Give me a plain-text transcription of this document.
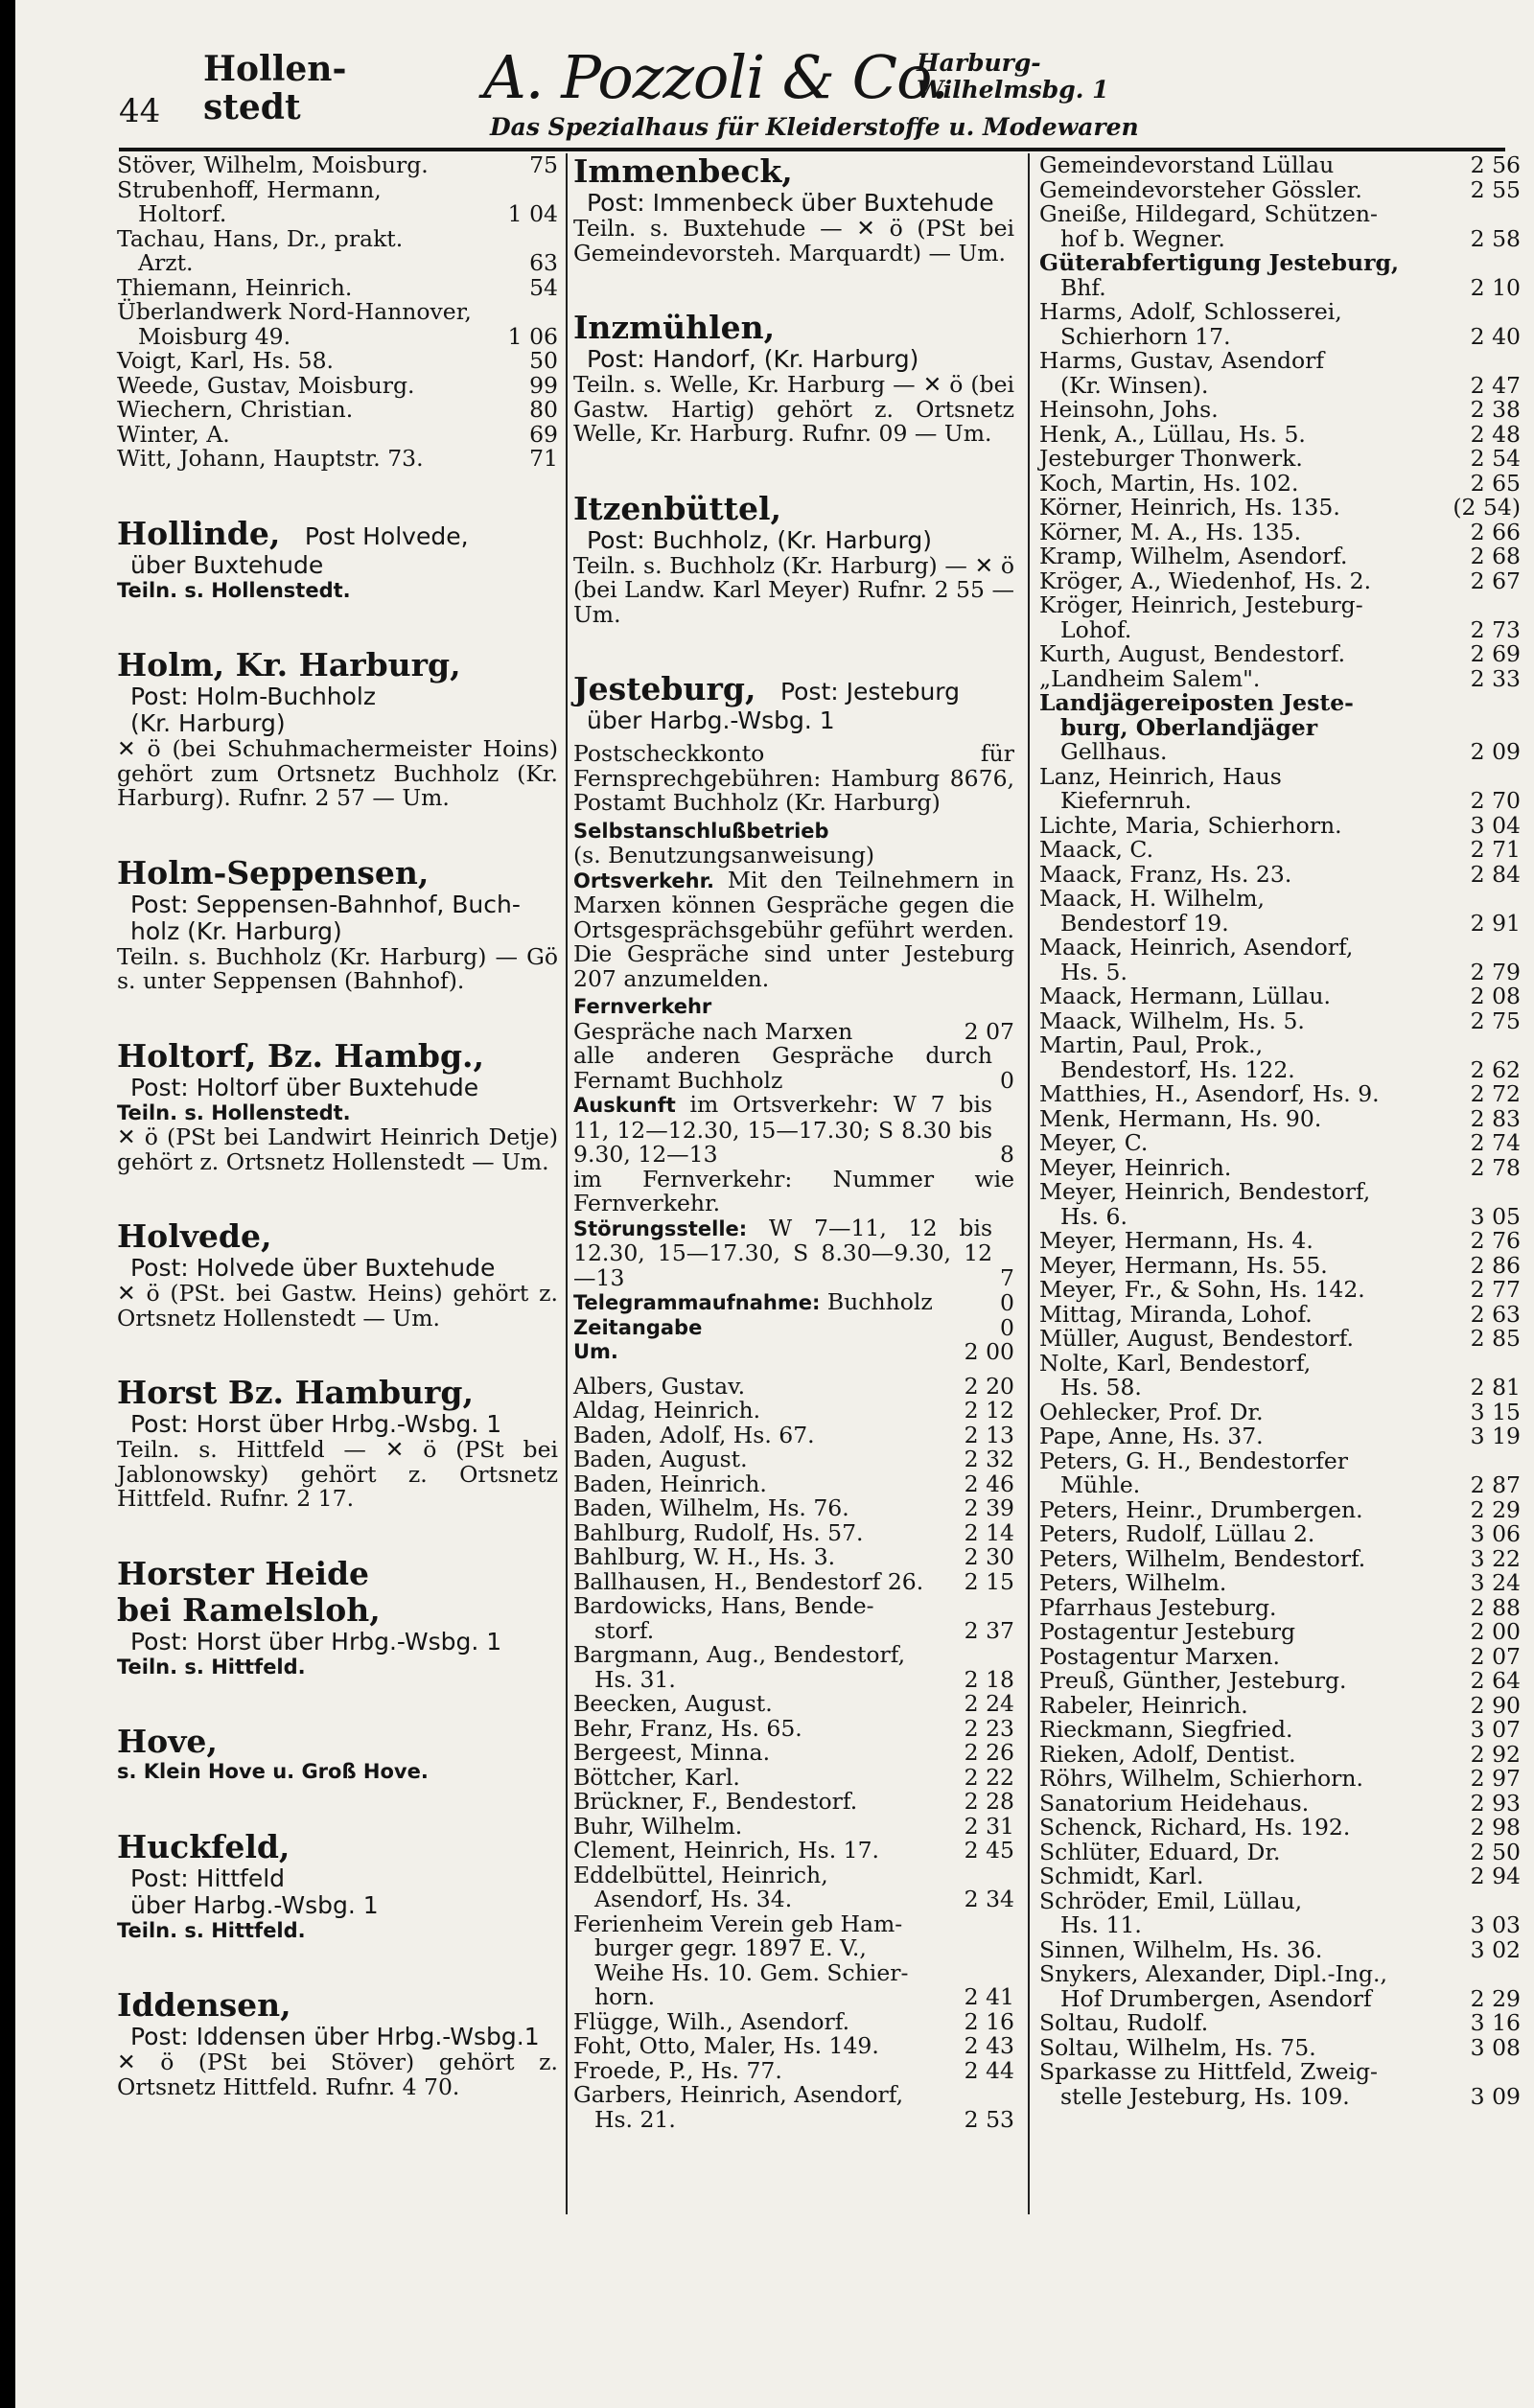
44
Hollen-
stedt	A. Pozzoli & Co.
Harburg-
Wilhelmsbg. 1
Das Spezialhaus für Kleiderstoffe u. Modewaren
Stöver, Wilhelm, Moisburg.	75
Strubenhoff, Hermann,
Holtorf.	1 04
Tachau, Hans, Dr., prakt.
Arzt.	63
Thiemann, Heinrich.	54
Überlandwerk Nord-Hannover,
Moisburg 49.	1 06
Voigt, Karl, Hs. 58.	50
Weede, Gustav, Moisburg.	99
Wiechern, Christian.	80
Winter, A.	69
Witt, Johann, Hauptstr. 73.	71
Hollinde, Post Holvede,
über Buxtehude
Teiln. s. Hollenstedt.
Holm, Kr. Harburg,
Post: Holm-Buchholz
(Kr. Harburg)
✕ ö (bei Schuhmachermeister Hoins) gehört zum Ortsnetz Buchholz (Kr. Harburg). Rufnr. 2 57 — Um.
Holm-Seppensen,
Post: Seppensen-Bahnhof, Buch-
holz (Kr. Harburg)
Teiln. s. Buchholz (Kr. Harburg) — Gö s. unter Seppensen (Bahnhof).
Holtorf, Bz. Hambg.,
Post: Holtorf über Buxtehude
Teiln. s. Hollenstedt.
✕ ö (PSt bei Landwirt Heinrich Detje) gehört z. Ortsnetz Hollenstedt — Um.
Holvede,
Post: Holvede über Buxtehude
✕ ö (PSt. bei Gastw. Heins) gehört z. Ortsnetz Hollenstedt — Um.
Horst Bz. Hamburg,
Post: Horst über Hrbg.-Wsbg. 1
Teiln. s. Hittfeld — ✕ ö (PSt bei Jablonowsky) gehört z. Ortsnetz Hittfeld. Rufnr. 2 17.
Horster Heide
bei Ramelsloh,
Post: Horst über Hrbg.-Wsbg. 1
Teiln. s. Hittfeld.
Hove,
s. Klein Hove u. Groß Hove.
Huckfeld,
Post: Hittfeld
über Harbg.-Wsbg. 1
Teiln. s. Hittfeld.
Iddensen,
Post: Iddensen über Hrbg.-Wsbg.1
✕ ö (PSt bei Stöver) gehört z. Ortsnetz Hittfeld. Rufnr. 4 70.
Immenbeck,
Post: Immenbeck über Buxtehude
Teiln. s. Buxtehude — ✕ ö (PSt bei Gemeindevorsteh. Marquardt) — Um.
Inzmühlen,
Post: Handorf, (Kr. Harburg)
Teiln. s. Welle, Kr. Harburg — ✕ ö (bei Gastw. Hartig) gehört z. Ortsnetz Welle, Kr. Harburg. Rufnr. 09 — Um.
Itzenbüttel,
Post: Buchholz, (Kr. Harburg)
Teiln. s. Buchholz (Kr. Harburg) — ✕ ö (bei Landw. Karl Meyer) Rufnr. 2 55 — Um.
Jesteburg, Post: Jesteburg
über Harbg.-Wsbg. 1
Postscheckkonto für Fernsprechgebühren: Hamburg 8676, Postamt Buchholz (Kr. Harburg)
Selbstanschlußbetrieb
(s. Benutzungsanweisung)
Ortsverkehr. Mit den Teilnehmern in Marxen können Gespräche gegen die Ortsgesprächsgebühr geführt werden. Die Gespräche sind unter Jesteburg 207 anzumelden.
Fernverkehr
Gespräche nach Marxen	2 07
alle anderen Gespräche durch Fernamt Buchholz	0
Auskunft im Ortsverkehr: W 7 bis 11, 12—12.30, 15—17.30; S 8.30 bis 9.30, 12—13	8
im Fernverkehr: Nummer wie Fernverkehr.
Störungsstelle: W 7—11, 12 bis 12.30, 15—17.30, S 8.30—9.30, 12—13	7
Telegrammaufnahme: Buchholz	0
Zeitangabe	0
Um.	2 00
Albers, Gustav.	2 20
Aldag, Heinrich.	2 12
Baden, Adolf, Hs. 67.	2 13
Baden, August.	2 32
Baden, Heinrich.	2 46
Baden, Wilhelm, Hs. 76.	2 39
Bahlburg, Rudolf, Hs. 57.	2 14
Bahlburg, W. H., Hs. 3.	2 30
Ballhausen, H., Bendestorf 26.	2 15
Bardowicks, Hans, Bende-
storf.	2 37
Bargmann, Aug., Bendestorf,
Hs. 31.	2 18
Beecken, August.	2 24
Behr, Franz, Hs. 65.	2 23
Bergeest, Minna.	2 26
Böttcher, Karl.	2 22
Brückner, F., Bendestorf.	2 28
Buhr, Wilhelm.	2 31
Clement, Heinrich, Hs. 17.	2 45
Eddelbüttel, Heinrich,
Asendorf, Hs. 34.	2 34
Ferienheim Verein geb Ham-
burger gegr. 1897 E. V.,
Weihe Hs. 10. Gem. Schier-
horn.	2 41
Flügge, Wilh., Asendorf.	2 16
Foht, Otto, Maler, Hs. 149.	2 43
Froede, P., Hs. 77.	2 44
Garbers, Heinrich, Asendorf,
Hs. 21.	2 53
Gemeindevorstand Lüllau	2 56
Gemeindevorsteher Gössler.	2 55
Gneiße, Hildegard, Schützen-
hof b. Wegner.	2 58
Güterabfertigung Jesteburg,
Bhf.	2 10
Harms, Adolf, Schlosserei,
Schierhorn 17.	2 40
Harms, Gustav, Asendorf
(Kr. Winsen).	2 47
Heinsohn, Johs.	2 38
Henk, A., Lüllau, Hs. 5.	2 48
Jesteburger Thonwerk.	2 54
Koch, Martin, Hs. 102.	2 65
Körner, Heinrich, Hs. 135.	(2 54)
Körner, M. A., Hs. 135.	2 66
Kramp, Wilhelm, Asendorf.	2 68
Kröger, A., Wiedenhof, Hs. 2.	2 67
Kröger, Heinrich, Jesteburg-
Lohof.	2 73
Kurth, August, Bendestorf.	2 69
„Landheim Salem".	2 33
Landjägereiposten Jeste-
burg, Oberlandjäger
Gellhaus.	2 09
Lanz, Heinrich, Haus
Kiefernruh.	2 70
Lichte, Maria, Schierhorn.	3 04
Maack, C.	2 71
Maack, Franz, Hs. 23.	2 84
Maack, H. Wilhelm,
Bendestorf 19.	2 91
Maack, Heinrich, Asendorf,
Hs. 5.	2 79
Maack, Hermann, Lüllau.	2 08
Maack, Wilhelm, Hs. 5.	2 75
Martin, Paul, Prok.,
Bendestorf, Hs. 122.	2 62
Matthies, H., Asendorf, Hs. 9.	2 72
Menk, Hermann, Hs. 90.	2 83
Meyer, C.	2 74
Meyer, Heinrich.	2 78
Meyer, Heinrich, Bendestorf,
Hs. 6.	3 05
Meyer, Hermann, Hs. 4.	2 76
Meyer, Hermann, Hs. 55.	2 86
Meyer, Fr., & Sohn, Hs. 142.	2 77
Mittag, Miranda, Lohof.	2 63
Müller, August, Bendestorf.	2 85
Nolte, Karl, Bendestorf,
Hs. 58.	2 81
Oehlecker, Prof. Dr.	3 15
Pape, Anne, Hs. 37.	3 19
Peters, G. H., Bendestorfer
Mühle.	2 87
Peters, Heinr., Drumbergen.	2 29
Peters, Rudolf, Lüllau 2.	3 06
Peters, Wilhelm, Bendestorf.	3 22
Peters, Wilhelm.	3 24
Pfarrhaus Jesteburg.	2 88
Postagentur Jesteburg	2 00
Postagentur Marxen.	2 07
Preuß, Günther, Jesteburg.	2 64
Rabeler, Heinrich.	2 90
Rieckmann, Siegfried.	3 07
Rieken, Adolf, Dentist.	2 92
Röhrs, Wilhelm, Schierhorn.	2 97
Sanatorium Heidehaus.	2 93
Schenck, Richard, Hs. 192.	2 98
Schlüter, Eduard, Dr.	2 50
Schmidt, Karl.	2 94
Schröder, Emil, Lüllau,
Hs. 11.	3 03
Sinnen, Wilhelm, Hs. 36.	3 02
Snykers, Alexander, Dipl.-Ing.,
Hof Drumbergen, Asendorf	2 29
Soltau, Rudolf.	3 16
Soltau, Wilhelm, Hs. 75.	3 08
Sparkasse zu Hittfeld, Zweig-
stelle Jesteburg, Hs. 109.	3 09
